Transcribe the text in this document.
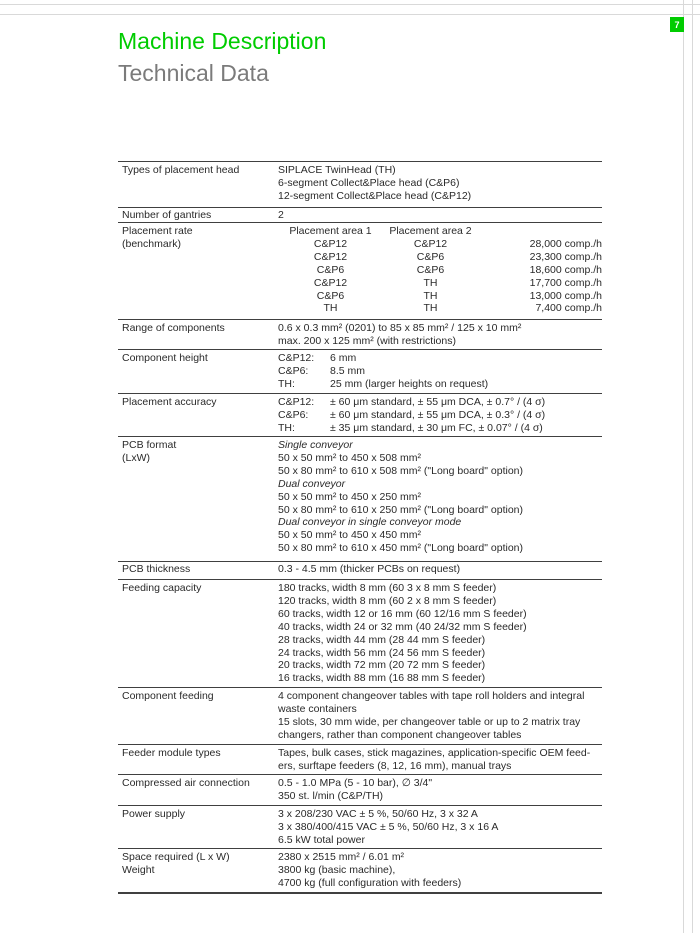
7
Machine Description
Technical Data
Types of placement head	SIPLACE TwinHead (TH)
6-segment Collect&Place head (C&P6)
12-segment Collect&Place head (C&P12)
Number of gantries	2
Placement rate
(benchmark)
Placement area 1	Placement area 2
C&P12	C&P12	28,000 comp./h
C&P12	C&P6	23,300 comp./h
C&P6	C&P6	18,600 comp./h
C&P12	TH	17,700 comp./h
C&P6	TH	13,000 comp./h
TH	TH	7,400 comp./h
Range of components	0.6 x 0.3 mm² (0201) to 85 x 85 mm² / 125 x 10 mm²
max. 200 x 125 mm² (with restrictions)
Component height	C&P12: 6 mm
C&P6: 8.5 mm
TH:	25 mm (larger heights on request)
Placement accuracy	C&P12: ± 60 μm standard, ± 55 μm DCA, ± 0.7° / (4 σ)
C&P6: ± 60 μm standard, ± 55 μm DCA, ± 0.3° / (4 σ)
TH:	± 35 μm standard, ± 30 μm FC, ± 0.07° / (4 σ)
PCB format
(LxW)
Single conveyor
50 x 50 mm² to 450 x 508 mm²
50 x 80 mm² to 610 x 508 mm² ("Long board" option)
Dual conveyor
50 x 50 mm² to 450 x 250 mm²
50 x 80 mm² to 610 x 250 mm² ("Long board" option)
Dual conveyor in single conveyor mode
50 x 50 mm² to 450 x 450 mm²
50 x 80 mm² to 610 x 450 mm² ("Long board" option)
PCB thickness	0.3 - 4.5 mm (thicker PCBs on request)
Feeding capacity	180 tracks, width 8 mm (60 3 x 8 mm S feeder)
120 tracks, width 8 mm (60 2 x 8 mm S feeder)
60 tracks, width 12 or 16 mm (60 12/16 mm S feeder)
40 tracks, width 24 or 32 mm (40 24/32 mm S feeder)
28 tracks, width 44 mm (28 44 mm S feeder)
24 tracks, width 56 mm (24 56 mm S feeder)
20 tracks, width 72 mm (20 72 mm S feeder)
16 tracks, width 88 mm (16 88 mm S feeder)
Component feeding	4 component changeover tables with tape roll holders and integral
waste containers
15 slots, 30 mm wide, per changeover table or up to 2 matrix tray
changers, rather than component changeover tables
Feeder module types	Tapes, bulk cases, stick magazines, application-specific OEM feed-
ers, surftape feeders (8, 12, 16 mm), manual trays
Compressed air connection	0.5 - 1.0 MPa (5 - 10 bar), ∅ 3/4"
350 st. l/min (C&P/TH)
Power supply	3 x 208/230 VAC ± 5 %, 50/60 Hz, 3 x 32 A
3 x 380/400/415 VAC ± 5 %, 50/60 Hz, 3 x 16 A
6.5 kW total power
Space required (L x W)
Weight
2380 x 2515 mm² / 6.01 m²
3800 kg (basic machine),
4700 kg (full configuration with feeders)
